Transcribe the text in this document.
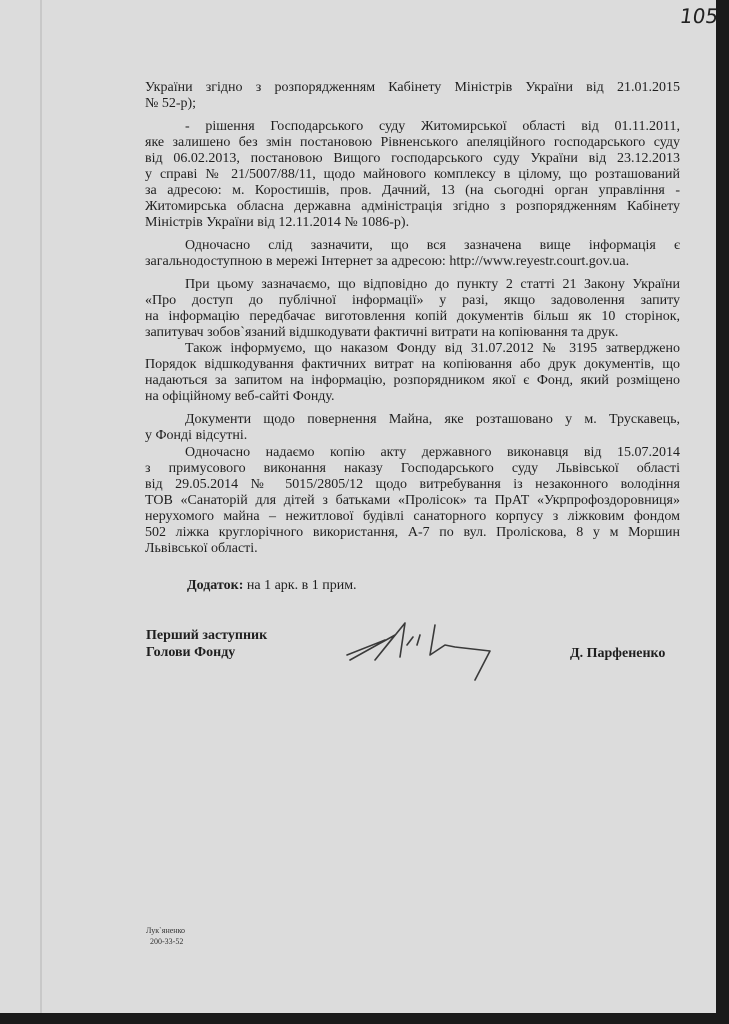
105
України згідно з розпорядженням Кабінету Міністрів України від 21.01.2015
№ 52-р);
- рішення Господарського суду Житомирської області від 01.11.2011,
яке залишено без змін постановою Рівненського апеляційного господарського суду
від 06.02.2013, постановою Вищого господарського суду України від 23.12.2013
у справі № 21/5007/88/11, щодо майнового комплексу в цілому, що розташований
за адресою: м. Коростишів, пров. Дачний, 13 (на сьогодні орган управління -
Житомирська обласна державна адміністрація згідно з розпорядженням Кабінету
Міністрів України від 12.11.2014 № 1086-р).
Одночасно слід зазначити, що вся зазначена вище інформація є
загальнодоступною в мережі Інтернет за адресою: http://www.reyestr.court.gov.ua.
При цьому зазначаємо, що відповідно до пункту 2 статті 21 Закону України
«Про доступ до публічної інформації» у разі, якщо задоволення запиту
на інформацію передбачає виготовлення копій документів більш як 10 сторінок,
запитувач зобов`язаний відшкодувати фактичні витрати на копіювання та друк.
Також інформуємо, що наказом Фонду від 31.07.2012 № 3195 затверджено
Порядок відшкодування фактичних витрат на копіювання або друк документів, що
надаються за запитом на інформацію, розпорядником якої є Фонд, який розміщено
на офіційному веб-сайті Фонду.
Документи щодо повернення Майна, яке розташовано у м. Трускавець,
у Фонді відсутні.
Одночасно надаємо копію акту державного виконавця від 15.07.2014
з примусового виконання наказу Господарського суду Львівської області
від 29.05.2014 № 5015/2805/12 щодо витребування із незаконного володіння
ТОВ «Санаторій для дітей з батьками «Пролісок» та ПрАТ «Укрпрофоздоровниця»
нерухомого майна – нежитлової будівлі санаторного корпусу з ліжковим фондом
502 ліжка круглорічного використання, А-7 по вул. Пролісковa, 8 у м Моршин
Львівської області.
Додаток: на 1 арк. в 1 прим.
Перший заступник
Голови Фонду	Д. Парфененко
Лук`яненко
200-33-52
